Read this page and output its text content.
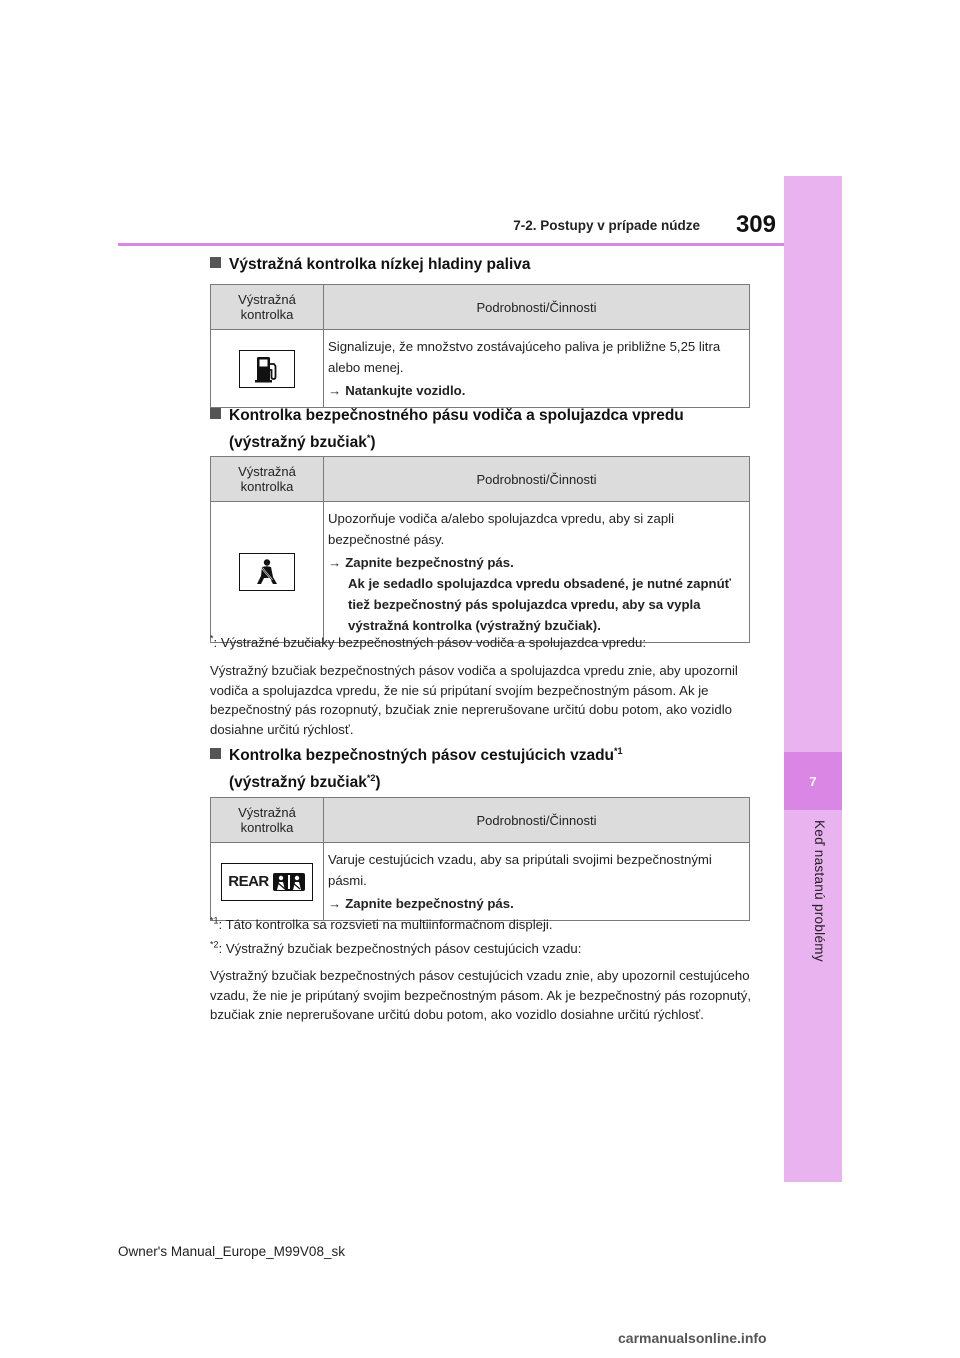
7
Keď nastanú problémy
7-2. Postupy v prípade núdze	309
Výstražná kontrolka nízkej hladiny paliva
Výstražná kontrolka	Podrobnosti/Činnosti

Signalizuje, že množstvo zostávajúceho paliva je približne 5,25 litra alebo menej.
→ Natankujte vozidlo.
Kontrolka bezpečnostného pásu vodiča a spolujazdca vpredu
(výstražný bzučiak*)
Výstražná kontrolka	Podrobnosti/Činnosti

Upozorňuje vodiča a/alebo spolujazdca vpredu, aby si zapli bezpečnostné pásy.
→ Zapnite bezpečnostný pás.
Ak je sedadlo spolujazdca vpredu obsadené, je nutné zapnúť tiež bezpečnostný pás spolujazdca vpredu, aby sa vypla výstražná kontrolka (výstražný bzučiak).
*: Výstražné bzučiaky bezpečnostných pásov vodiča a spolujazdca vpredu:
Výstražný bzučiak bezpečnostných pásov vodiča a spolujazdca vpredu znie, aby upozornil vodiča a spolujazdca vpredu, že nie sú pripútaní svojím bezpečnostným pásom. Ak je bezpečnostný pás rozopnutý, bzučiak znie neprerušovane určitú dobu potom, ako vozidlo dosiahne určitú rýchlosť.
Kontrolka bezpečnostných pásov cestujúcich vzadu$^{*1}$
(výstražný bzučiak$^{*2}$)
Výstražná kontrolka	Podrobnosti/Činnosti

REAR	Varuje cestujúcich vzadu, aby sa pripútali svojimi bezpečnostnými pásmi.
→ Zapnite bezpečnostný pás.
$^{*1}$: Táto kontrolka sa rozsvieti na multiinformačnom displeji.
$^{*2}$: Výstražný bzučiak bezpečnostných pásov cestujúcich vzadu:
Výstražný bzučiak bezpečnostných pásov cestujúcich vzadu znie, aby upozornil cestujúceho vzadu, že nie je pripútaný svojim bezpečnostným pásom. Ak je bezpečnostný pás rozopnutý, bzučiak znie neprerušovane určitú dobu potom, ako vozidlo dosiahne určitú rýchlosť.
Owner's Manual_Europe_M99V08_sk
carmanualsonline.info
